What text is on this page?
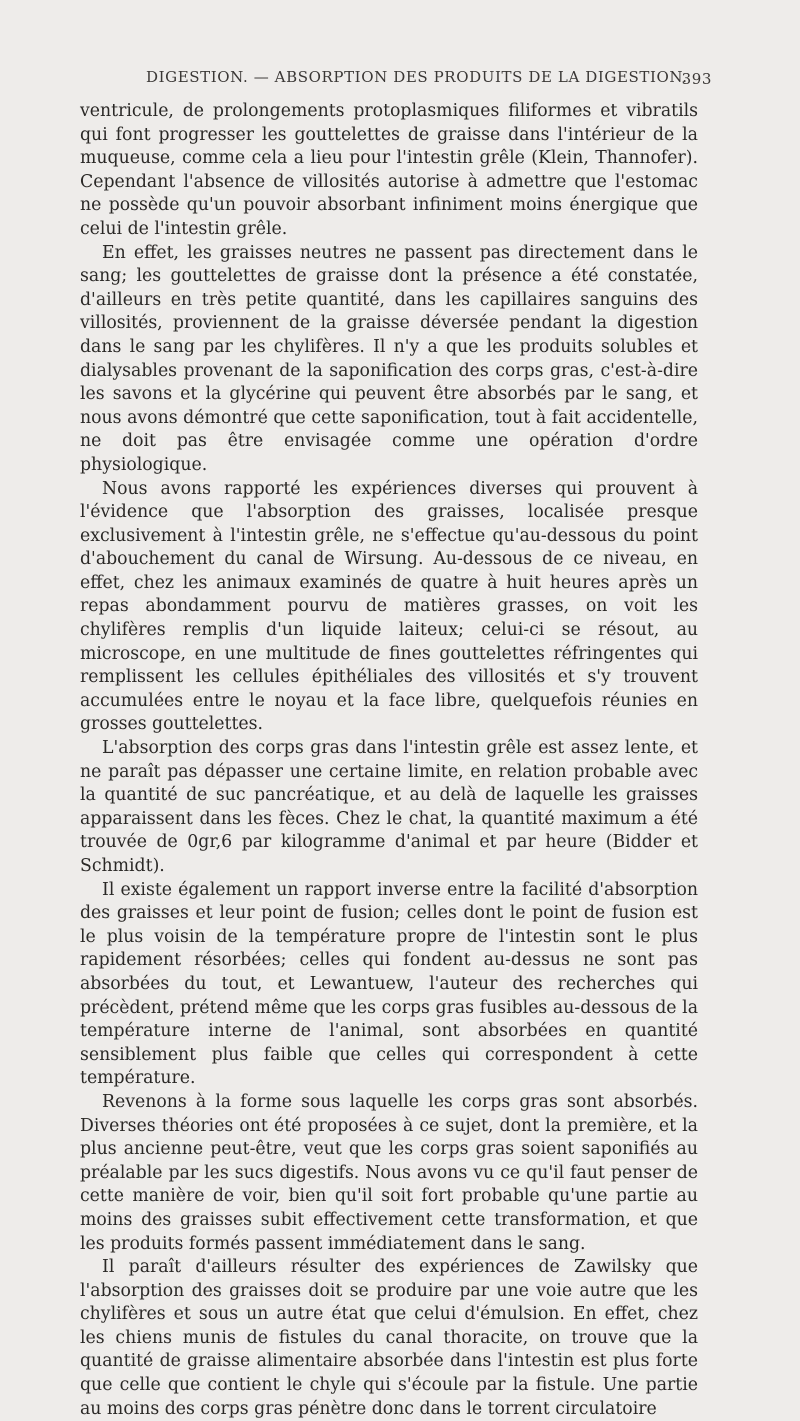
DIGESTION. — ABSORPTION DES PRODUITS DE LA DIGESTION.
393

ventricule, de prolongements protoplasmiques filiformes et vibratils qui font progresser les gouttelettes de graisse dans l'intérieur de la muqueuse, comme cela a lieu pour l'intestin grêle (Klein, Thannofer). Cependant l'absence de villosités autorise à admettre que l'estomac ne possède qu'un pouvoir absorbant infiniment moins énergique que celui de l'intestin grêle.

En effet, les graisses neutres ne passent pas directement dans le sang; les gouttelettes de graisse dont la présence a été constatée, d'ailleurs en très petite quantité, dans les capillaires sanguins des villosités, proviennent de la graisse déversée pendant la digestion dans le sang par les chylifères. Il n'y a que les produits solubles et dialysables provenant de la saponification des corps gras, c'est-à-dire les savons et la glycérine qui peuvent être absorbés par le sang, et nous avons démontré que cette saponification, tout à fait accidentelle, ne doit pas être envisagée comme une opération d'ordre physiologique.

Nous avons rapporté les expériences diverses qui prouvent à l'évidence que l'absorption des graisses, localisée presque exclusivement à l'intestin grêle, ne s'effectue qu'au-dessous du point d'abouchement du canal de Wirsung. Au-dessous de ce niveau, en effet, chez les animaux examinés de quatre à huit heures après un repas abondamment pourvu de matières grasses, on voit les chylifères remplis d'un liquide laiteux; celui-ci se résout, au microscope, en une multitude de fines gouttelettes réfringentes qui remplissent les cellules épithéliales des villosités et s'y trouvent accumulées entre le noyau et la face libre, quelquefois réunies en grosses gouttelettes.

L'absorption des corps gras dans l'intestin grêle est assez lente, et ne paraît pas dépasser une certaine limite, en relation probable avec la quantité de suc pancréatique, et au delà de laquelle les graisses apparaissent dans les fèces. Chez le chat, la quantité maximum a été trouvée de 0gr,6 par kilogramme d'animal et par heure (Bidder et Schmidt).

Il existe également un rapport inverse entre la facilité d'absorption des graisses et leur point de fusion; celles dont le point de fusion est le plus voisin de la température propre de l'intestin sont le plus rapidement résorbées; celles qui fondent au-dessus ne sont pas absorbées du tout, et Lewantuew, l'auteur des recherches qui précèdent, prétend même que les corps gras fusibles au-dessous de la température interne de l'animal, sont absorbées en quantité sensiblement plus faible que celles qui correspondent à cette température.

Revenons à la forme sous laquelle les corps gras sont absorbés. Diverses théories ont été proposées à ce sujet, dont la première, et la plus ancienne peut-être, veut que les corps gras soient saponifiés au préalable par les sucs digestifs. Nous avons vu ce qu'il faut penser de cette manière de voir, bien qu'il soit fort probable qu'une partie au moins des graisses subit effectivement cette transformation, et que les produits formés passent immédiatement dans le sang.

Il paraît d'ailleurs résulter des expériences de Zawilsky que l'absorption des graisses doit se produire par une voie autre que les chylifères et sous un autre état que celui d'émulsion. En effet, chez les chiens munis de fistules du canal thoracite, on trouve que la quantité de graisse alimentaire absorbée dans l'intestin est plus forte que celle que contient le chyle qui s'écoule par la fistule. Une partie au moins des corps gras pénètre donc dans le torrent circulatoire
